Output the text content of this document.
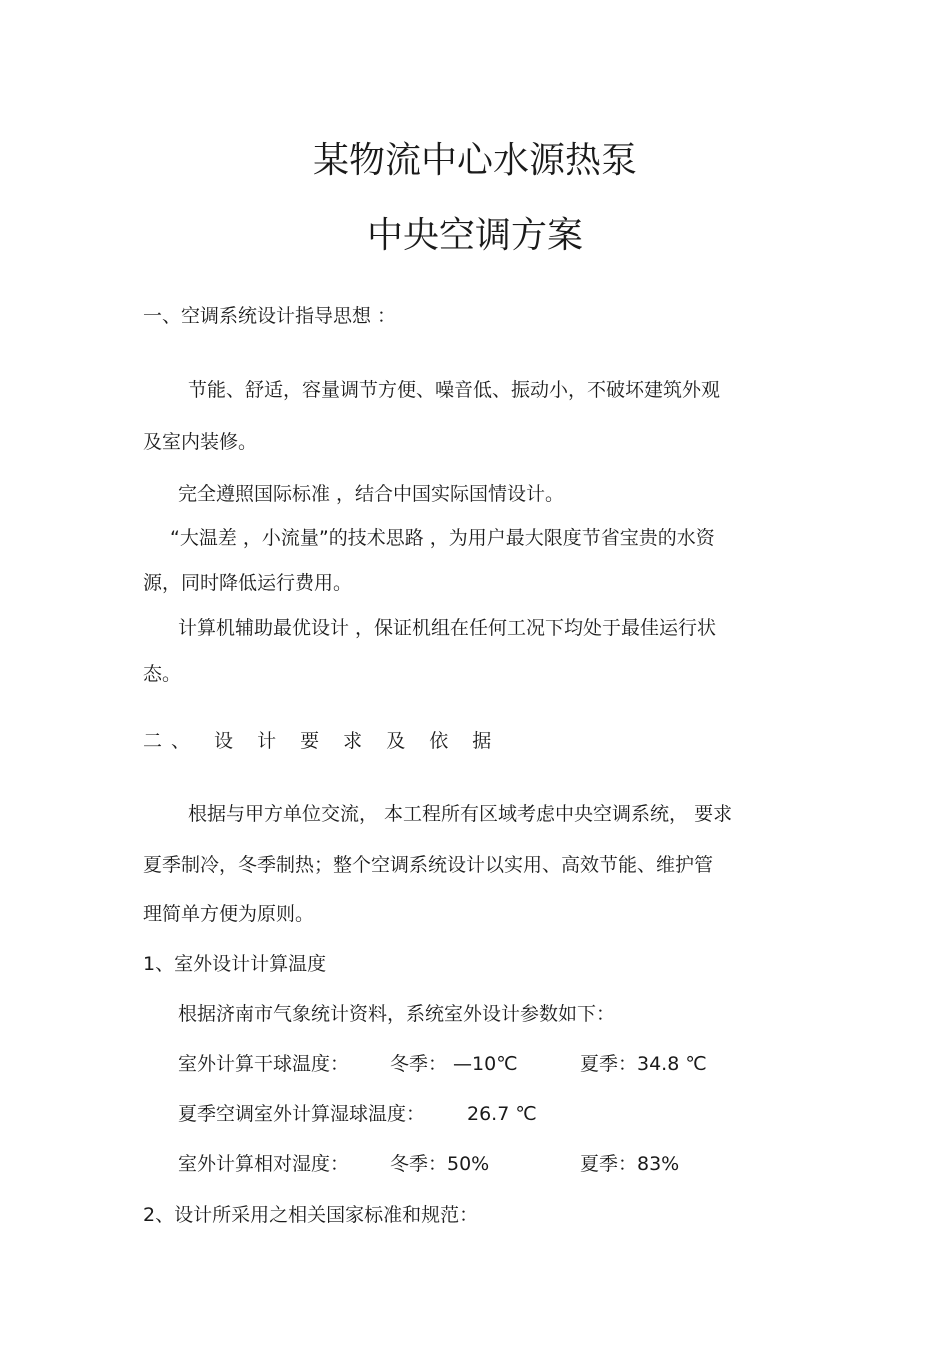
某物流中心水源热泵
中央空调方案
一、空调系统设计指导思想 ：
节能、舒适，容量调节方便、噪音低、振动小，不破坏建筑外观
及室内装修。
完全遵照国际标准 ，结合中国实际国情设计。
“大温差 ，小流量”的技术思路 ，为用户最大限度节省宝贵的水资
源，同时降低运行费用。
计算机辅助最优设计 ，保证机组在任何工况下均处于最佳运行状
态。
二、 设 计 要 求 及 依 据
根据与甲方单位交流， 本工程所有区域考虑中央空调系统， 要求
夏季制冷，冬季制热；整个空调系统设计以实用、高效节能、维护管
理简单方便为原则。
1、室外设计计算温度
根据济南市气象统计资料，系统室外设计参数如下：
室外计算干球温度： 冬季： —10℃	夏季：34.8 ℃
夏季空调室外计算湿球温度： 26.7 ℃
室外计算相对湿度： 冬季：50%	夏季：83%
2、设计所采用之相关国家标准和规范：
